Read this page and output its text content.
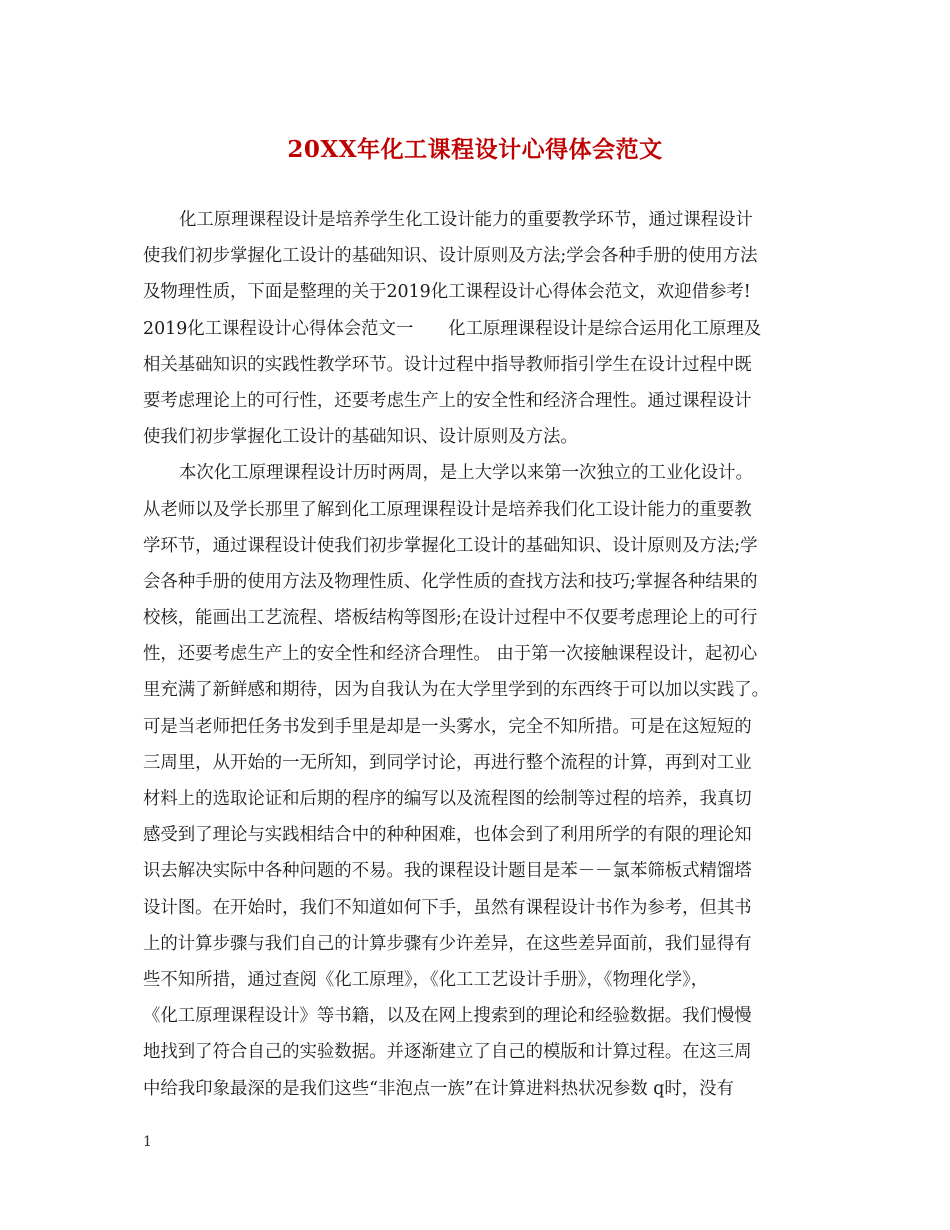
20XX年化工课程设计心得体会范文
化工原理课程设计是培养学生化工设计能力的重要教学环节，通过课程设计
使我们初步掌握化工设计的基础知识、设计原则及方法;学会各种手册的使用方法
及物理性质，下面是整理的关于2019化工课程设计心得体会范文，欢迎借参考!
2019化工课程设计心得体会范文一　　化工原理课程设计是综合运用化工原理及
相关基础知识的实践性教学环节。设计过程中指导教师指引学生在设计过程中既
要考虑理论上的可行性，还要考虑生产上的安全性和经济合理性。通过课程设计
使我们初步掌握化工设计的基础知识、设计原则及方法。
本次化工原理课程设计历时两周，是上大学以来第一次独立的工业化设计。
从老师以及学长那里了解到化工原理课程设计是培养我们化工设计能力的重要教
学环节，通过课程设计使我们初步掌握化工设计的基础知识、设计原则及方法;学
会各种手册的使用方法及物理性质、化学性质的查找方法和技巧;掌握各种结果的
校核，能画出工艺流程、塔板结构等图形;在设计过程中不仅要考虑理论上的可行
性，还要考虑生产上的安全性和经济合理性。 由于第一次接触课程设计，起初心
里充满了新鲜感和期待，因为自我认为在大学里学到的东西终于可以加以实践了。
可是当老师把任务书发到手里是却是一头雾水，完全不知所措。可是在这短短的
三周里，从开始的一无所知，到同学讨论，再进行整个流程的计算，再到对工业
材料上的选取论证和后期的程序的编写以及流程图的绘制等过程的培养，我真切
感受到了理论与实践相结合中的种种困难，也体会到了利用所学的有限的理论知
识去解决实际中各种问题的不易。我的课程设计题目是苯－－氯苯筛板式精馏塔
设计图。在开始时，我们不知道如何下手，虽然有课程设计书作为参考，但其书
上的计算步骤与我们自己的计算步骤有少许差异，在这些差异面前，我们显得有
些不知所措，通过查阅《化工原理》，《化工工艺设计手册》，《物理化学》，
《化工原理课程设计》等书籍，以及在网上搜索到的理论和经验数据。我们慢慢
地找到了符合自己的实验数据。并逐渐建立了自己的模版和计算过程。在这三周
中给我印象最深的是我们这些“非泡点一族”在计算进料热状况参数 q时，没有
1
